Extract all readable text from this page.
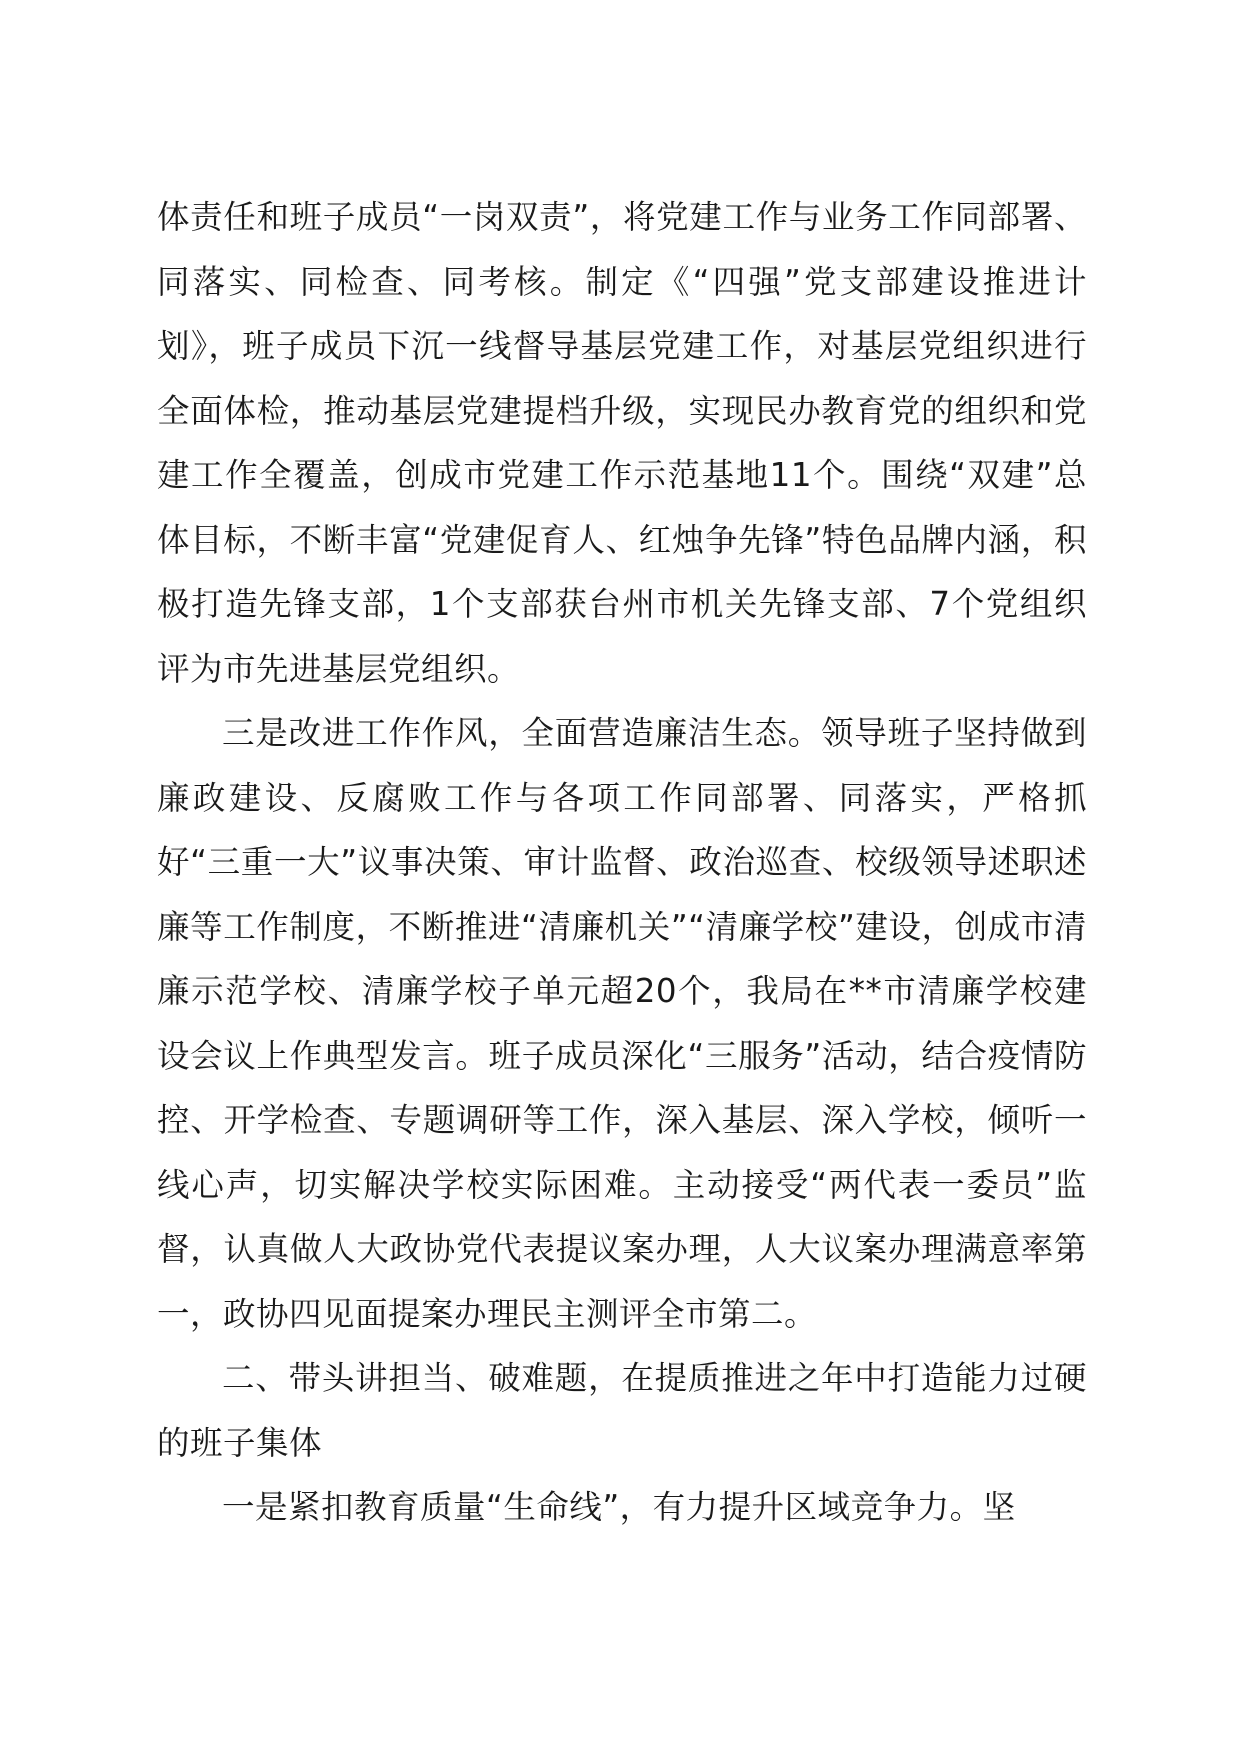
体责任和班子成员“一岗双责”，将党建工作与业务工作同部署、同落实、同检查、同考核。制定《“四强”党支部建设推进计划》，班子成员下沉一线督导基层党建工作，对基层党组织进行全面体检，推动基层党建提档升级，实现民办教育党的组织和党建工作全覆盖，创成市党建工作示范基地11个。围绕“双建”总体目标，不断丰富“党建促育人、红烛争先锋”特色品牌内涵，积极打造先锋支部，1个支部获台州市机关先锋支部、7个党组织评为市先进基层党组织。

三是改进工作作风，全面营造廉洁生态。领导班子坚持做到廉政建设、反腐败工作与各项工作同部署、同落实，严格抓好“三重一大”议事决策、审计监督、政治巡查、校级领导述职述廉等工作制度，不断推进“清廉机关”“清廉学校”建设，创成市清廉示范学校、清廉学校子单元超20个，我局在**市清廉学校建设会议上作典型发言。班子成员深化“三服务”活动，结合疫情防控、开学检查、专题调研等工作，深入基层、深入学校，倾听一线心声，切实解决学校实际困难。主动接受“两代表一委员”监督，认真做人大政协党代表提议案办理，人大议案办理满意率第一，政协四见面提案办理民主测评全市第二。

二、带头讲担当、破难题，在提质推进之年中打造能力过硬的班子集体

一是紧扣教育质量“生命线”，有力提升区域竞争力。坚
